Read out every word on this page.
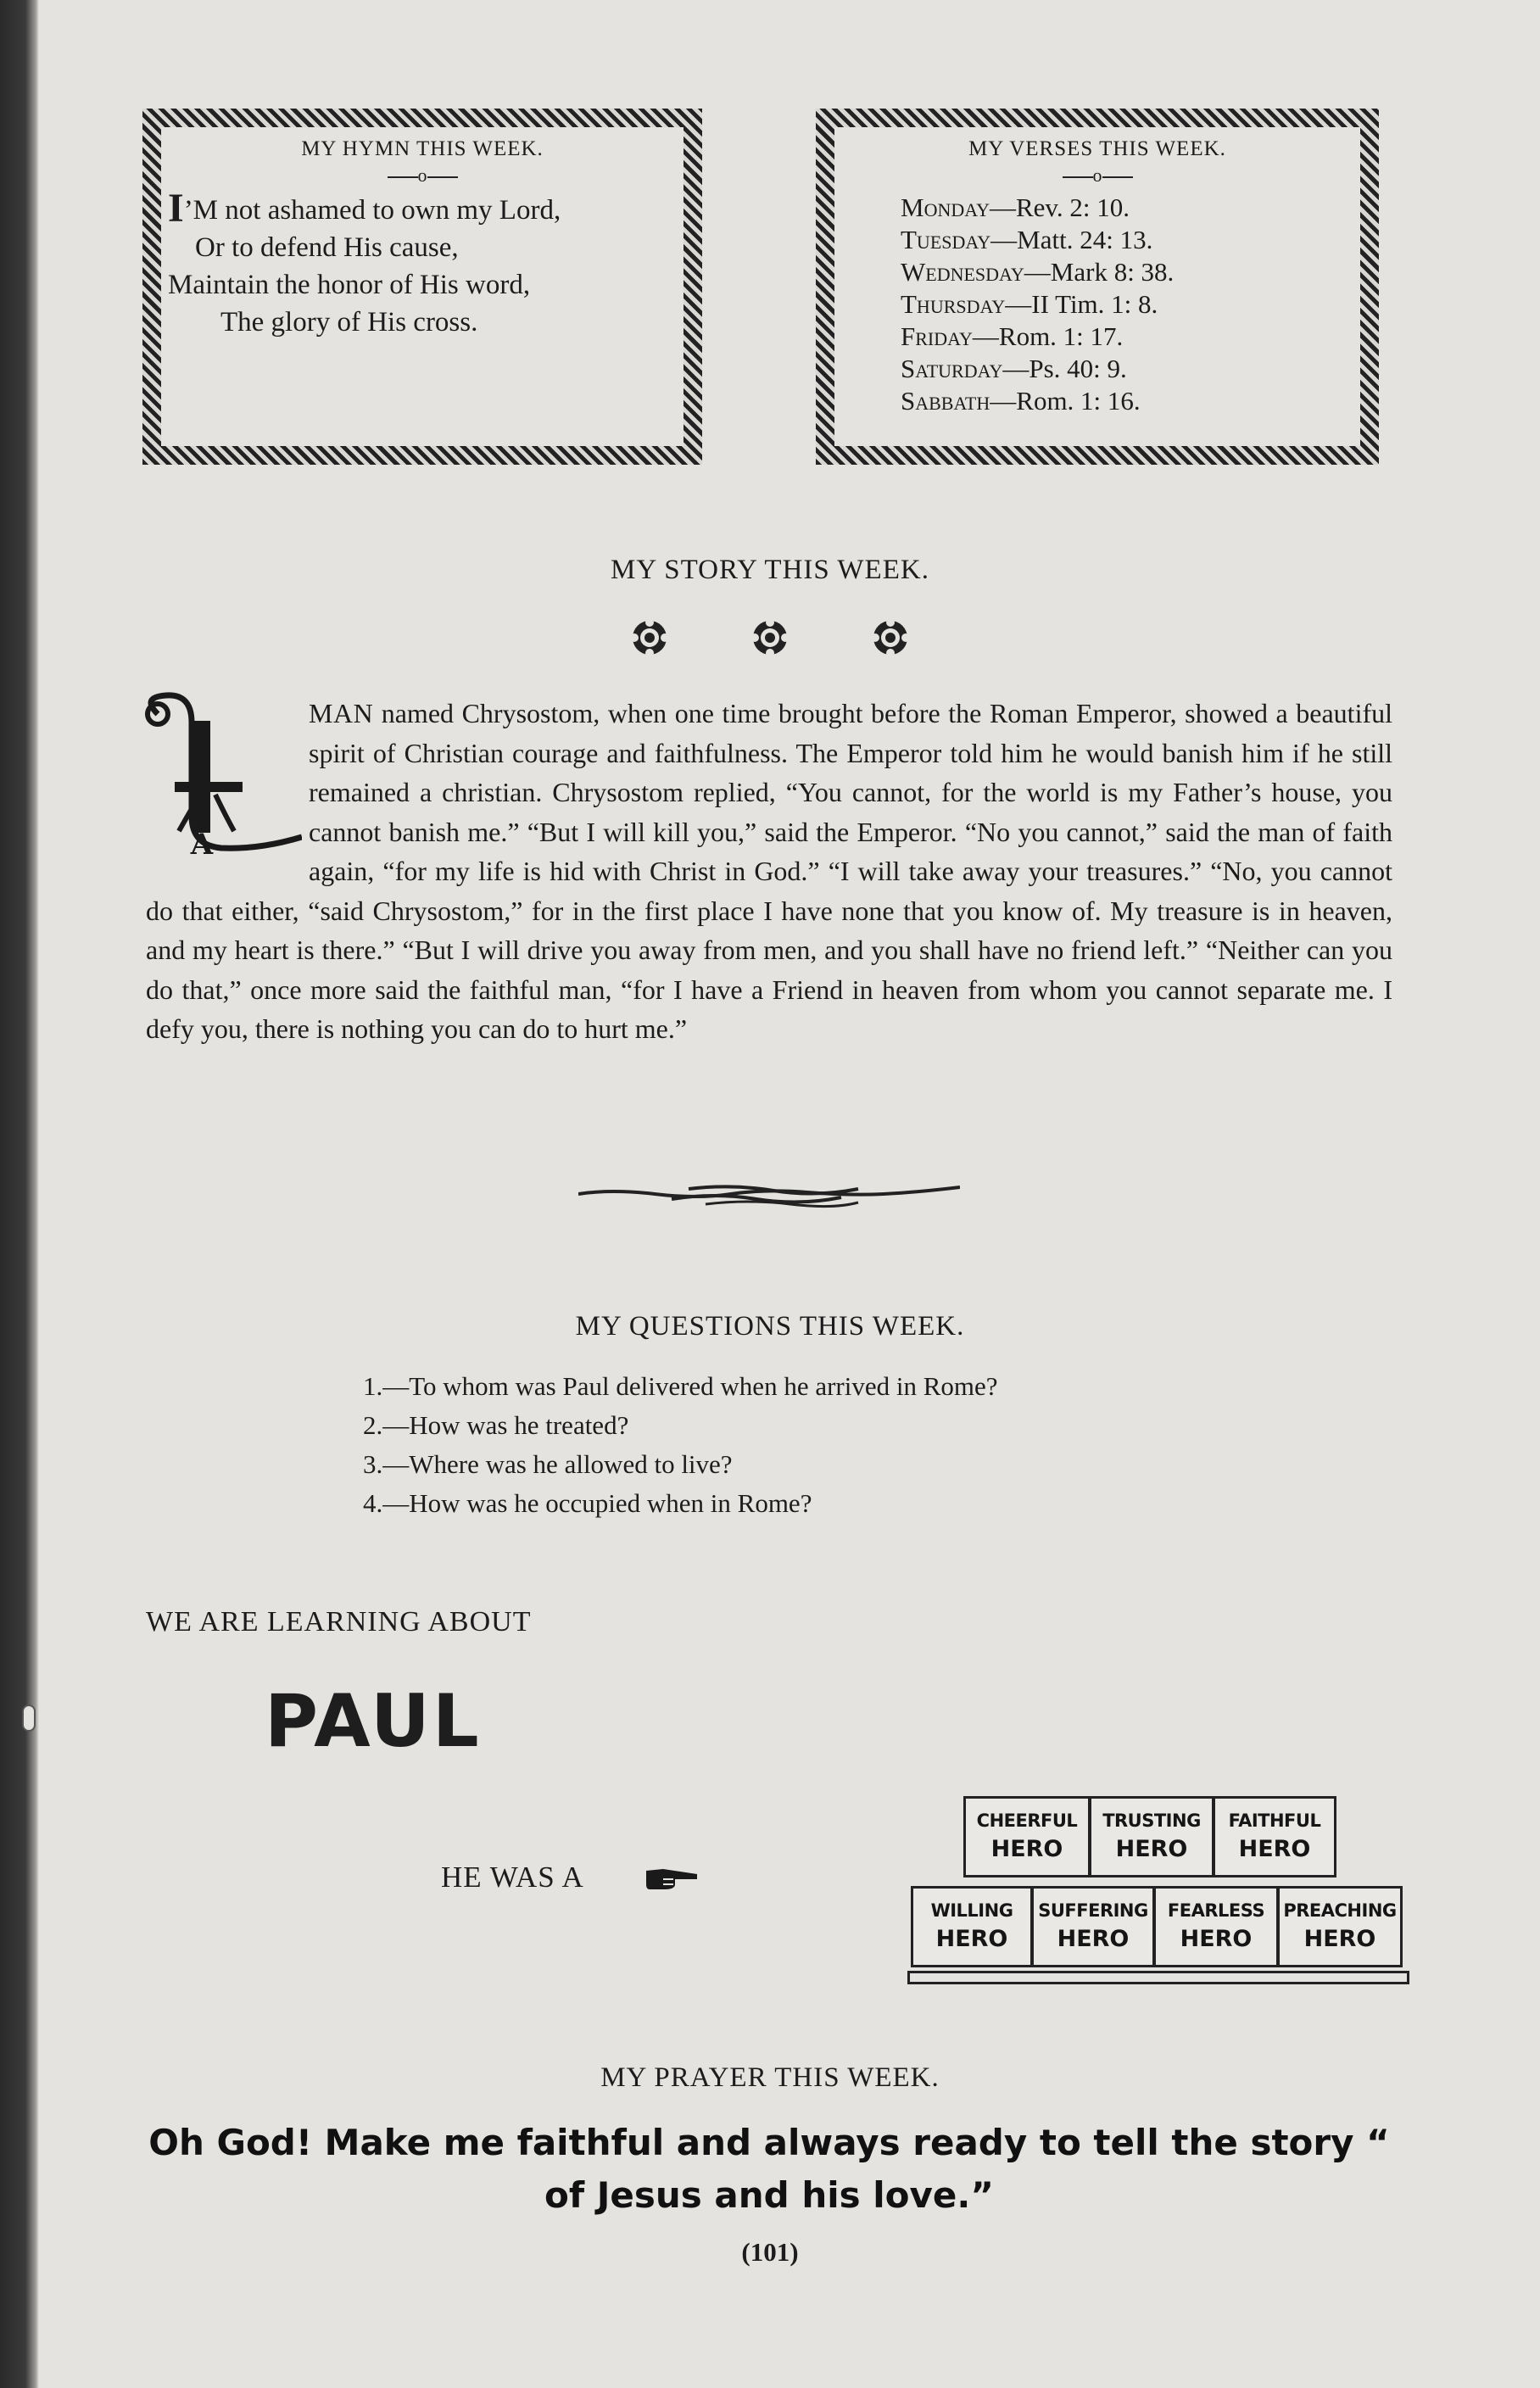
MY HYMN THIS WEEK.
o
I’M not ashamed to own my Lord,
Or to defend His cause,
Maintain the honor of His word,
The glory of His cross.
MY VERSES THIS WEEK.
o
Monday—Rev. 2: 10.
Tuesday—Matt. 24: 13.
Wednesday—Mark 8: 38.
Thursday—II Tim. 1: 8.
Friday—Rom. 1: 17.
Saturday—Ps. 40: 9.
Sabbath—Rom. 1: 16.
MY STORY THIS WEEK.

A

MAN named Chrysostom, when one time brought before the Roman Emperor, showed a beautiful spirit of Christian courage and faithfulness. The Emperor told him he would banish him if he still remained a christian. Chrysostom replied, “You cannot, for the world is my Father’s house, you cannot banish me.” “But I will kill you,” said the Emperor. “No you cannot,” said the man of faith again, “for my life is hid with Christ in God.” “I will take away your treasures.” “No, you cannot do that either, “said Chrysostom,” for in the first place I have none that you know of. My treasure is in heaven, and my heart is there.” “But I will drive you away from men, and you shall have no friend left.” “Neither can you do that,” once more said the faithful man, “for I have a Friend in heaven from whom you cannot separate me. I defy you, there is nothing you can do to hurt me.”

MY QUESTIONS THIS WEEK.
1.—To whom was Paul delivered when he arrived in Rome?
2.—How was he treated?
3.—Where was he allowed to live?
4.—How was he occupied when in Rome?
WE ARE LEARNING ABOUT
PAUL
HE WAS A
CHEERFUL
HERO
TRUSTING
HERO
FAITHFUL
HERO
WILLING
HERO
SUFFERING
HERO
FEARLESS
HERO
PREACHING
HERO
MY PRAYER THIS WEEK.
Oh God! Make me faithful and always ready to tell the story “ of Jesus and his love.”
(101)
